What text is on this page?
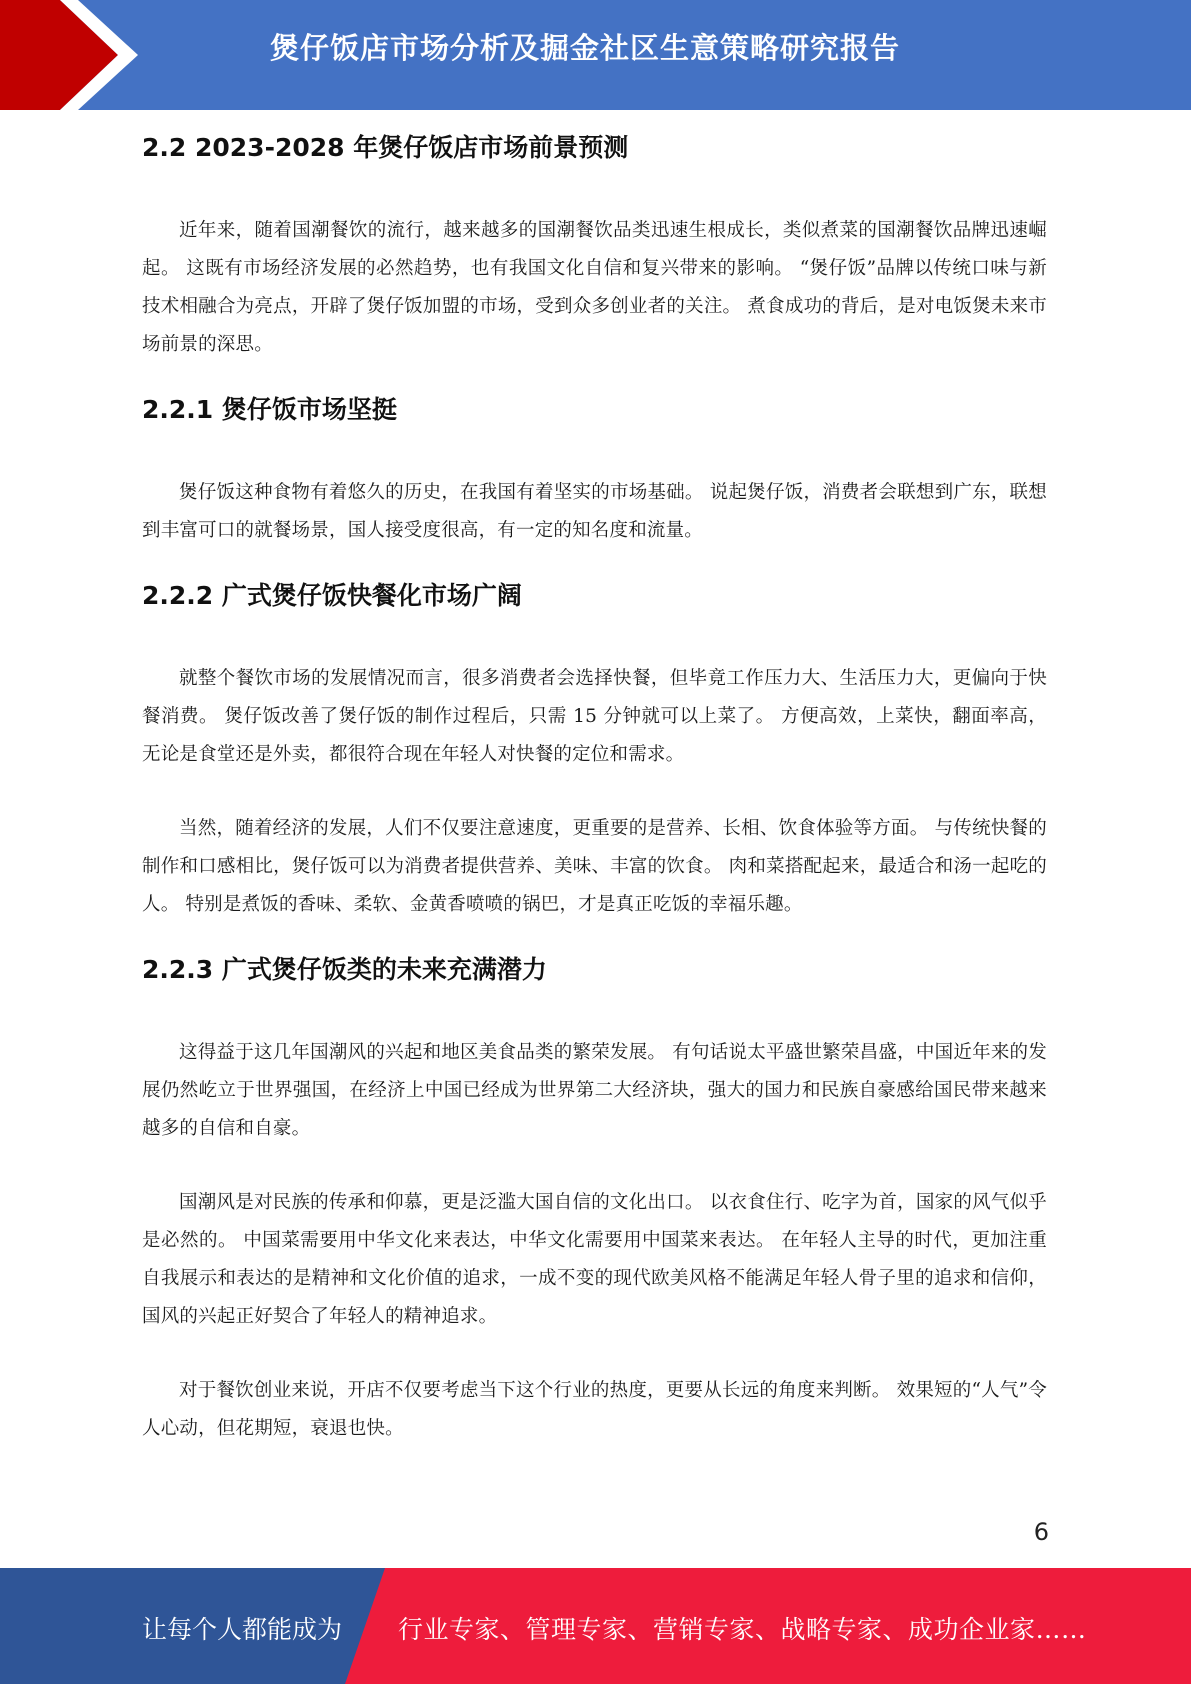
煲仔饭店市场分析及掘金社区生意策略研究报告
2.2 2023-2028 年煲仔饭店市场前景预测

近年来，随着国潮餐饮的流行，越来越多的国潮餐饮品类迅速生根成长，类似煮菜的国潮餐饮品牌迅速崛起。 这既有市场经济发展的必然趋势，也有我国文化自信和复兴带来的影响。 “煲仔饭”品牌以传统口味与新技术相融合为亮点，开辟了煲仔饭加盟的市场，受到众多创业者的关注。 煮食成功的背后，是对电饭煲未来市场前景的深思。

2.2.1 煲仔饭市场坚挺

煲仔饭这种食物有着悠久的历史，在我国有着坚实的市场基础。 说起煲仔饭，消费者会联想到广东，联想到丰富可口的就餐场景，国人接受度很高，有一定的知名度和流量。

2.2.2 广式煲仔饭快餐化市场广阔

就整个餐饮市场的发展情况而言，很多消费者会选择快餐，但毕竟工作压力大、生活压力大，更偏向于快餐消费。 煲仔饭改善了煲仔饭的制作过程后，只需 15 分钟就可以上菜了。 方便高效，上菜快，翻面率高，无论是食堂还是外卖，都很符合现在年轻人对快餐的定位和需求。

当然，随着经济的发展，人们不仅要注意速度，更重要的是营养、长相、饮食体验等方面。 与传统快餐的制作和口感相比，煲仔饭可以为消费者提供营养、美味、丰富的饮食。 肉和菜搭配起来，最适合和汤一起吃的人。 特别是煮饭的香味、柔软、金黄香喷喷的锅巴，才是真正吃饭的幸福乐趣。

2.2.3 广式煲仔饭类的未来充满潜力

这得益于这几年国潮风的兴起和地区美食品类的繁荣发展。 有句话说太平盛世繁荣昌盛，中国近年来的发展仍然屹立于世界强国，在经济上中国已经成为世界第二大经济块，强大的国力和民族自豪感给国民带来越来越多的自信和自豪。

国潮风是对民族的传承和仰慕，更是泛滥大国自信的文化出口。 以衣食住行、吃字为首，国家的风气似乎是必然的。 中国菜需要用中华文化来表达，中华文化需要用中国菜来表达。 在年轻人主导的时代，更加注重自我展示和表达的是精神和文化价值的追求，一成不变的现代欧美风格不能满足年轻人骨子里的追求和信仰，国风的兴起正好契合了年轻人的精神追求。

对于餐饮创业来说，开店不仅要考虑当下这个行业的热度，更要从长远的角度来判断。 效果短的“人气”令人心动，但花期短，衰退也快。

6
让每个人都能成为 行业专家、管理专家、营销专家、战略专家、成功企业家……
